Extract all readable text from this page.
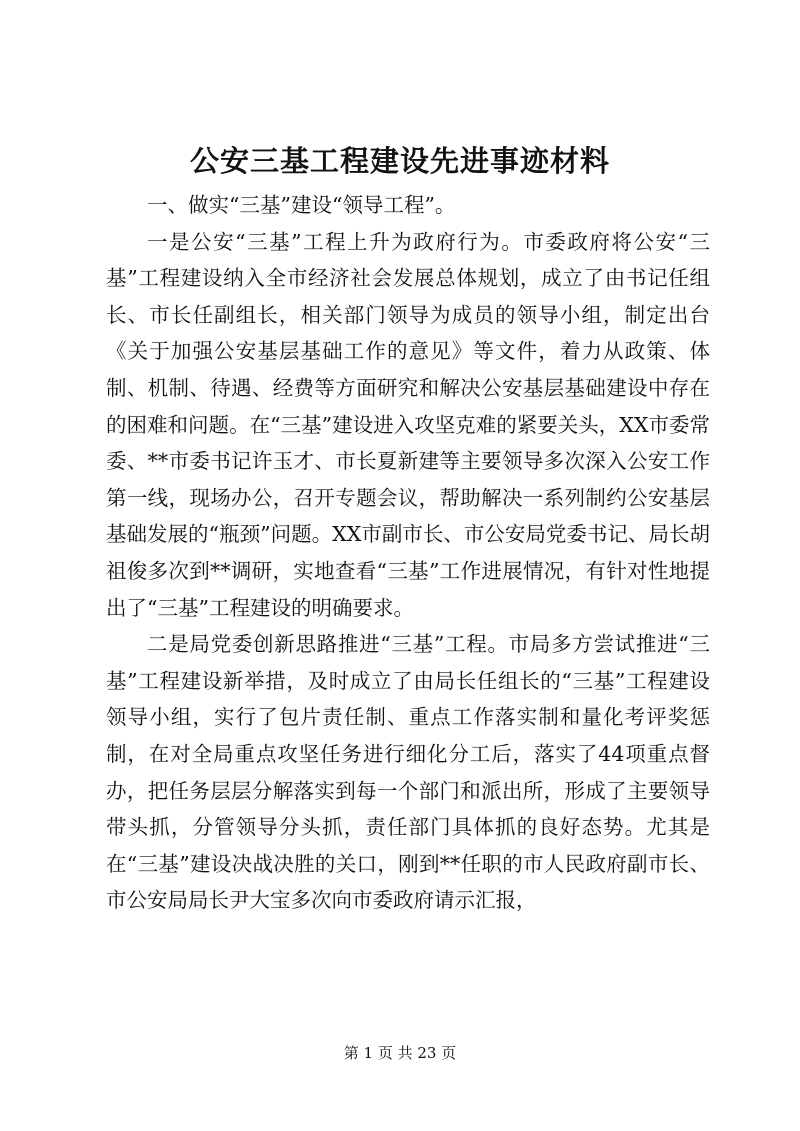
公安三基工程建设先进事迹材料

一、做实“三基”建设“领导工程”。

一是公安“三基”工程上升为政府行为。市委政府将公安“三基”工程建设纳入全市经济社会发展总体规划，成立了由书记任组长、市长任副组长，相关部门领导为成员的领导小组，制定出台《关于加强公安基层基础工作的意见》等文件，着力从政策、体制、机制、待遇、经费等方面研究和解决公安基层基础建设中存在的困难和问题。在“三基”建设进入攻坚克难的紧要关头，XX市委常委、**市委书记许玉才、市长夏新建等主要领导多次深入公安工作第一线，现场办公，召开专题会议，帮助解决一系列制约公安基层基础发展的“瓶颈”问题。XX市副市长、市公安局党委书记、局长胡祖俊多次到**调研，实地查看“三基”工作进展情况，有针对性地提出了“三基”工程建设的明确要求。

二是局党委创新思路推进“三基”工程。市局多方尝试推进“三基”工程建设新举措，及时成立了由局长任组长的“三基”工程建设领导小组，实行了包片责任制、重点工作落实制和量化考评奖惩制，在对全局重点攻坚任务进行细化分工后，落实了44项重点督办，把任务层层分解落实到每一个部门和派出所，形成了主要领导带头抓，分管领导分头抓，责任部门具体抓的良好态势。尤其是在“三基”建设决战决胜的关口，刚到**任职的市人民政府副市长、市公安局局长尹大宝多次向市委政府请示汇报，

第 1 页 共 23 页
